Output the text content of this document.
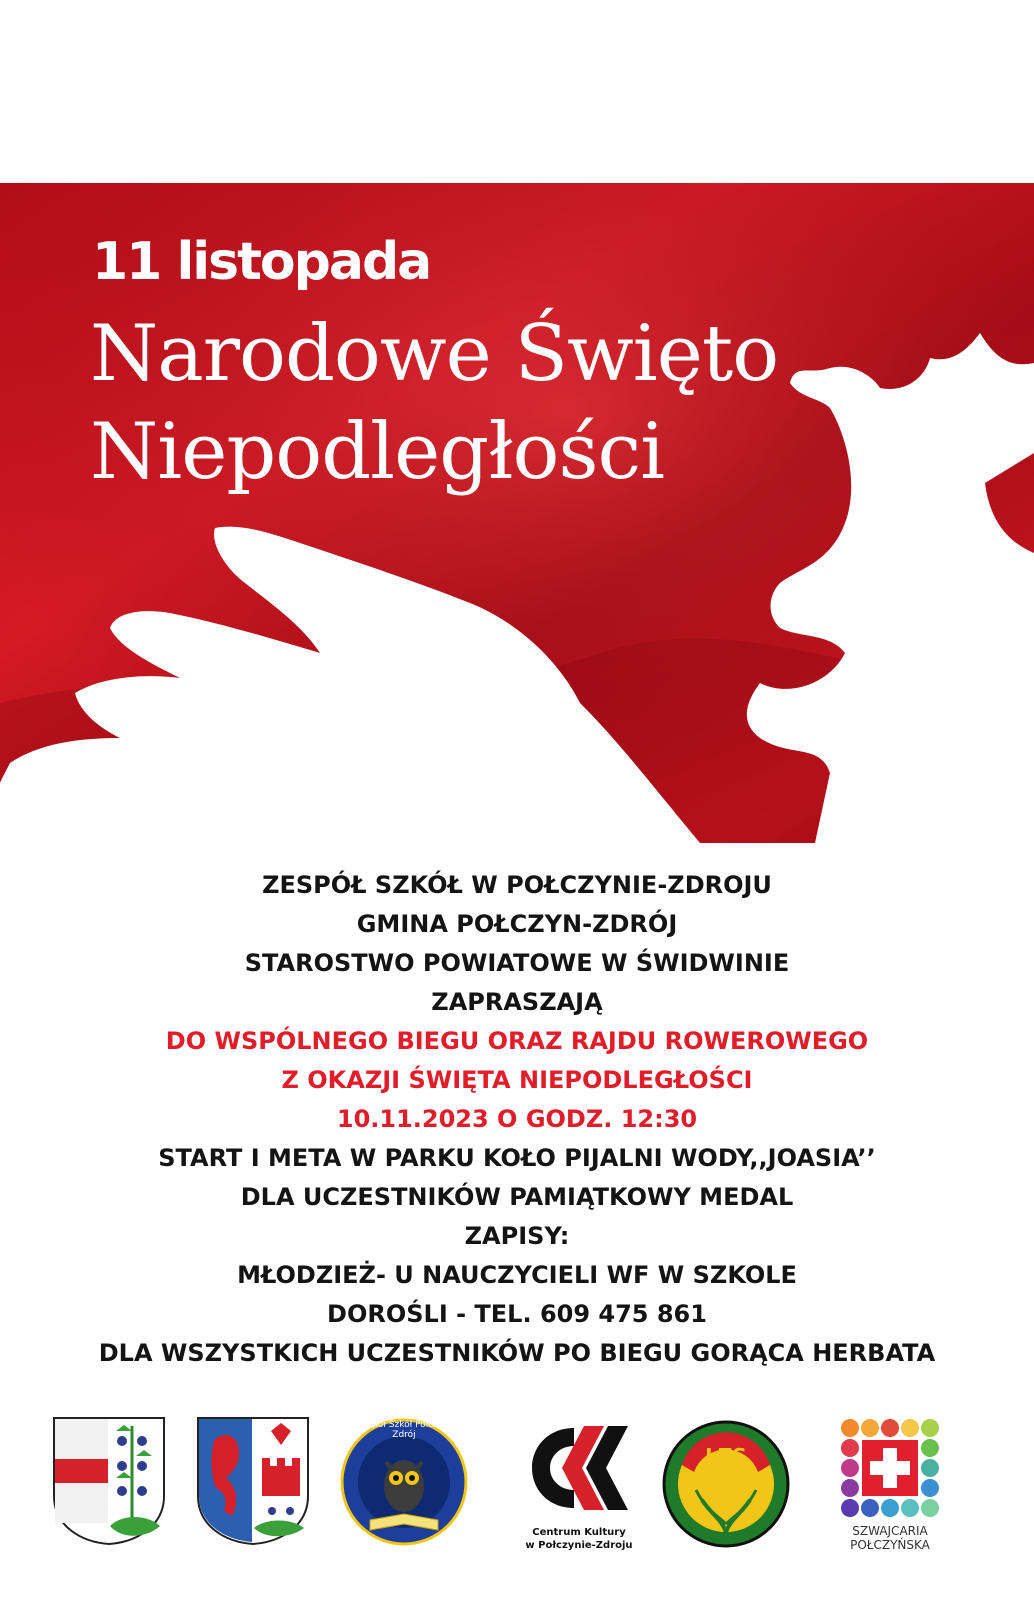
11 listopada
Narodowe Święto
Niepodległości
ZESPÓŁ SZKÓŁ W POŁCZYNIE-ZDROJU
GMINA POŁCZYN-ZDRÓJ
STAROSTWO POWIATOWE W ŚWIDWINIE
ZAPRASZAJĄ
DO WSPÓLNEGO BIEGU ORAZ RAJDU ROWEROWEGO
Z OKAZJI ŚWIĘTA NIEPODLEGŁOŚCI
10.11.2023 O GODZ. 12:30
START I META W PARKU KOŁO PIJALNI WODY,,JOASIA’’
DLA UCZESTNIKÓW PAMIĄTKOWY MEDAL
ZAPISY:
MŁODZIEŻ- U NAUCZYCIELI WF W SZKOLE
DOROŚLI - TEL. 609 475 861
DLA WSZYSTKICH UCZESTNIKÓW PO BIEGU GORĄCA HERBATA
Zespół Szkół Połczyn-Zdrój
Centrum Kultury
w Połczynie-Zdroju
LZS
SZWAJCARIA
POŁCZYŃSKA
